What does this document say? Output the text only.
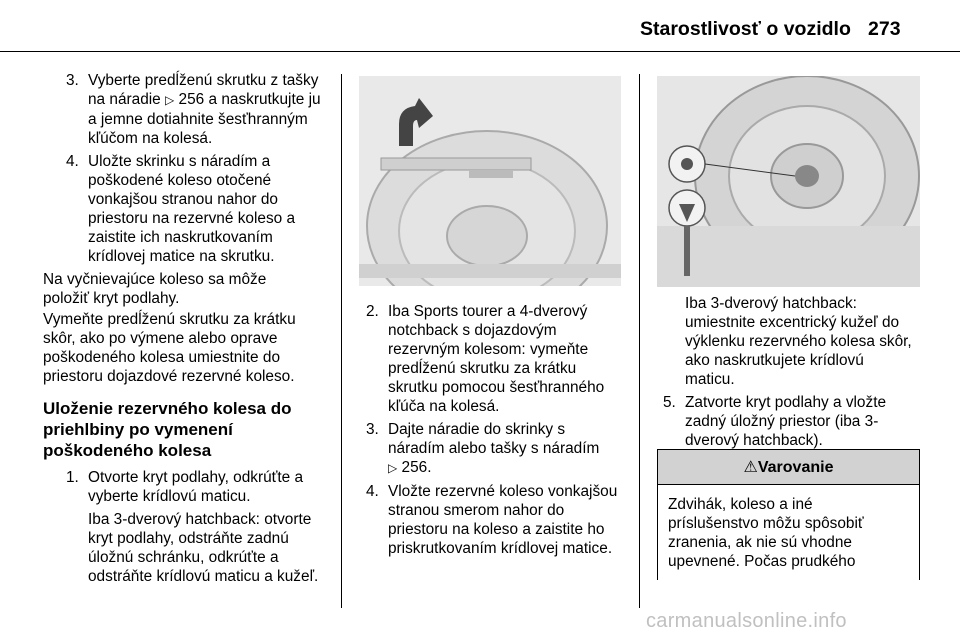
Starostlivosť o vozidlo 273
3. Vyberte predĺženú skrutku z tašky
na náradie ▷ 256 a naskrutkujte ju
a jemne dotiahnite šesťhranným
kľúčom na kolesá.
4. Uložte skrinku s náradím a
poškodené koleso otočené
vonkajšou stranou nahor do
priestoru na rezervné koleso a
zaistite ich naskrutkovaním
krídlovej matice na skrutku.
Na vyčnievajúce koleso sa môže
položiť kryt podlahy.
Vymeňte predĺženú skrutku za krátku
skôr, ako po výmene alebo oprave
poškodeného kolesa umiestnite do
priestoru dojazdové rezervné koleso.
Uloženie rezervného kolesa do
priehlbiny po vymenení
poškodeného kolesa
1. Otvorte kryt podlahy, odkrúťte a
vyberte krídlovú maticu.
Iba 3-dverový hatchback: otvorte
kryt podlahy, odstráňte zadnú
úložnú schránku, odkrúťte a
odstráňte krídlovú maticu a kužeľ.
2. Iba Sports tourer a 4-dverový
notchback s dojazdovým
rezervným kolesom: vymeňte
predĺženú skrutku za krátku
skrutku pomocou šesťhranného
kľúča na kolesá.
3. Dajte náradie do skrinky s
náradím alebo tašky s náradím
▷ 256.
4. Vložte rezervné koleso vonkajšou
stranou smerom nahor do
priestoru na koleso a zaistite ho
priskrutkovaním krídlovej matice.
Iba 3-dverový hatchback:
umiestnite excentrický kužeľ do
výklenku rezervného kolesa skôr,
ako naskrutkujete krídlovú
maticu.
5. Zatvorte kryt podlahy a vložte
zadný úložný priestor (iba 3-
dverový hatchback).
⚠Varovanie
Zdvihák, koleso a iné
príslušenstvo môžu spôsobiť
zranenia, ak nie sú vhodne
upevnené. Počas prudkého
carmanualsonline.info
